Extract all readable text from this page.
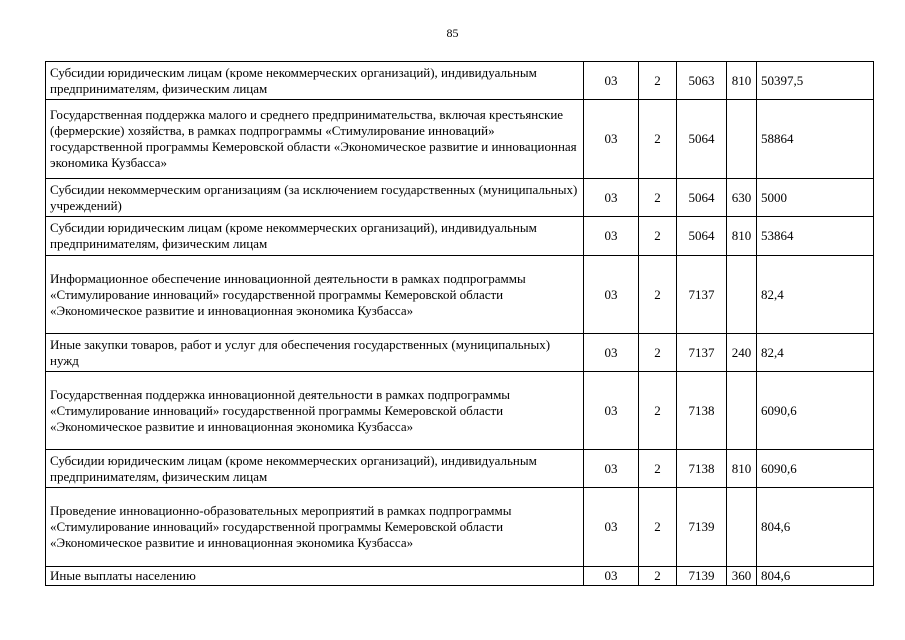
85
Субсидии юридическим лицам (кроме некоммерческих организаций), индивидуальным предпринимателям, физическим лицам	03	2	5063	810	50397,5
Государственная поддержка малого и среднего предпринимательства, включая крестьянские (фермерские) хозяйства, в рамках подпрограммы «Стимулирование инноваций» государственной программы Кемеровской области «Экономическое развитие и инновационная экономика Кузбасса»	03	2	5064		58864
Субсидии некоммерческим организациям (за исключением государственных (муниципальных) учреждений)	03	2	5064	630	5000
Субсидии юридическим лицам (кроме некоммерческих организаций), индивидуальным предпринимателям, физическим лицам	03	2	5064	810	53864
Информационное обеспечение инновационной деятельности в рамках подпрограммы «Стимулирование инноваций» государственной программы Кемеровской области «Экономическое развитие и инновационная экономика Кузбасса»	03	2	7137		82,4
Иные закупки товаров, работ и услуг для обеспечения государственных (муниципальных) нужд	03	2	7137	240	82,4
Государственная поддержка инновационной деятельности в рамках подпрограммы «Стимулирование инноваций» государственной программы Кемеровской области «Экономическое развитие и инновационная экономика Кузбасса»	03	2	7138		6090,6
Субсидии юридическим лицам (кроме некоммерческих организаций), индивидуальным предпринимателям, физическим лицам	03	2	7138	810	6090,6
Проведение инновационно-образовательных мероприятий в рамках подпрограммы «Стимулирование инноваций» государственной программы Кемеровской области «Экономическое развитие и инновационная экономика Кузбасса»	03	2	7139		804,6
Иные выплаты населению	03	2	7139	360	804,6
